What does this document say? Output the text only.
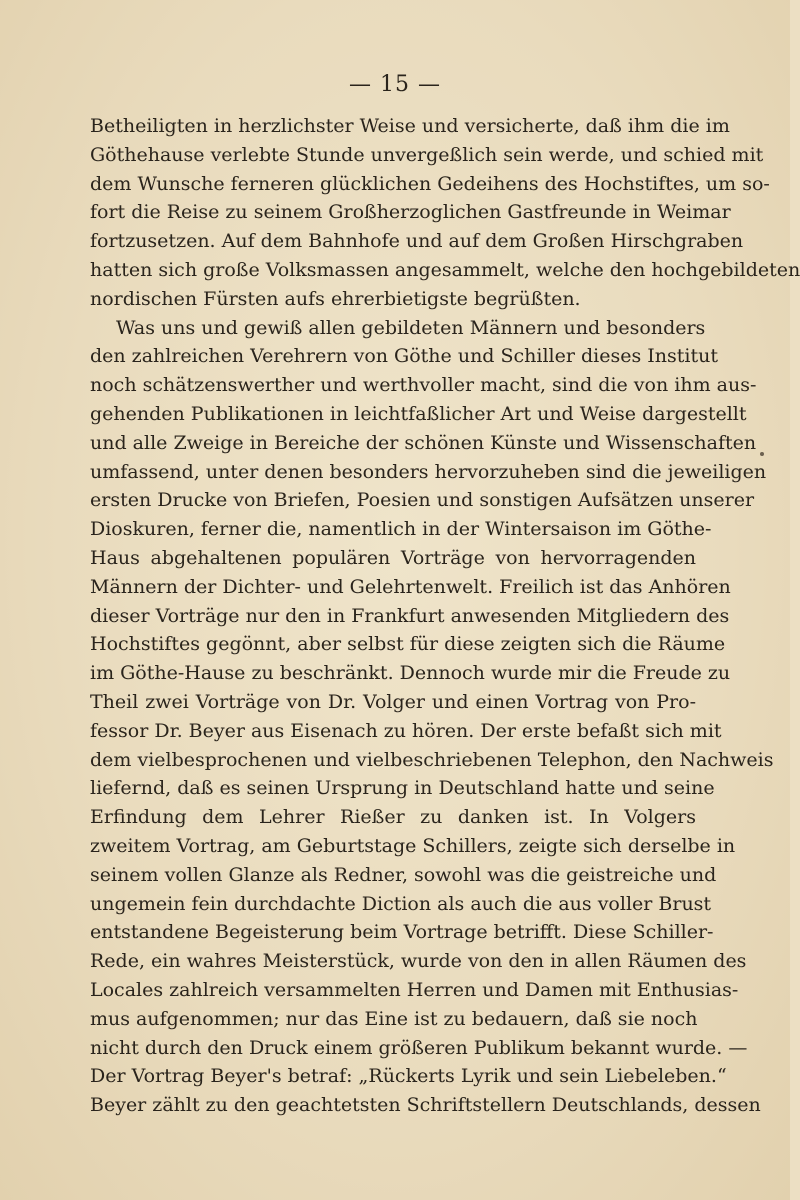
— 15 —
Betheiligten in herzlichster Weise und versicherte, daß ihm die im
Göthehause verlebte Stunde unvergeßlich sein werde, und schied mit
dem Wunsche ferneren glücklichen Gedeihens des Hochstiftes, um so-
fort die Reise zu seinem Großherzoglichen Gastfreunde in Weimar
fortzusetzen. Auf dem Bahnhofe und auf dem Großen Hirschgraben
hatten sich große Volksmassen angesammelt, welche den hochgebildeten
nordischen Fürsten aufs ehrerbietigste begrüßten.
Was uns und gewiß allen gebildeten Männern und besonders
den zahlreichen Verehrern von Göthe und Schiller dieses Institut
noch schätzenswerther und werthvoller macht, sind die von ihm aus-
gehenden Publikationen in leichtfaßlicher Art und Weise dargestellt
und alle Zweige in Bereiche der schönen Künste und Wissenschaften
umfassend, unter denen besonders hervorzuheben sind die jeweiligen
ersten Drucke von Briefen, Poesien und sonstigen Aufsätzen unserer
Dioskuren, ferner die, namentlich in der Wintersaison im Göthe-
Haus abgehaltenen populären Vorträge von hervorragenden
Männern der Dichter- und Gelehrtenwelt. Freilich ist das Anhören
dieser Vorträge nur den in Frankfurt anwesenden Mitgliedern des
Hochstiftes gegönnt, aber selbst für diese zeigten sich die Räume
im Göthe-Hause zu beschränkt. Dennoch wurde mir die Freude zu
Theil zwei Vorträge von Dr. Volger und einen Vortrag von Pro-
fessor Dr. Beyer aus Eisenach zu hören. Der erste befaßt sich mit
dem vielbesprochenen und vielbeschriebenen Telephon, den Nachweis
liefernd, daß es seinen Ursprung in Deutschland hatte und seine
Erfindung dem Lehrer Rießer zu danken ist. In Volgers
zweitem Vortrag, am Geburtstage Schillers, zeigte sich derselbe in
seinem vollen Glanze als Redner, sowohl was die geistreiche und
ungemein fein durchdachte Diction als auch die aus voller Brust
entstandene Begeisterung beim Vortrage betrifft. Diese Schiller-
Rede, ein wahres Meisterstück, wurde von den in allen Räumen des
Locales zahlreich versammelten Herren und Damen mit Enthusias-
mus aufgenommen; nur das Eine ist zu bedauern, daß sie noch
nicht durch den Druck einem größeren Publikum bekannt wurde. —
Der Vortrag Beyer's betraf: „Rückerts Lyrik und sein Liebeleben.“
Beyer zählt zu den geachtetsten Schriftstellern Deutschlands, dessen
